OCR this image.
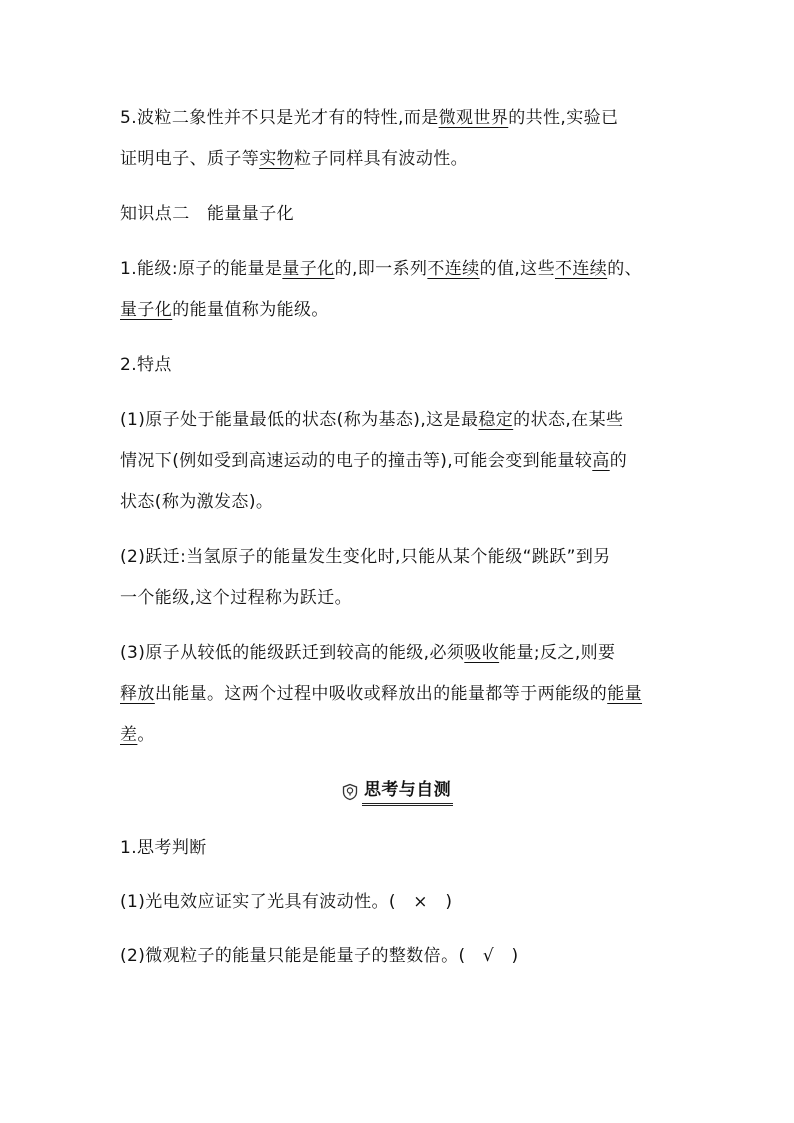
5.波粒二象性并不只是光才有的特性,而是微观世界的共性,实验已
证明电子、质子等实物粒子同样具有波动性。
知识点二　能量量子化
1.能级:原子的能量是量子化的,即一系列不连续的值,这些不连续的、
量子化的能量值称为能级。
2.特点
(1)原子处于能量最低的状态(称为基态),这是最稳定的状态,在某些
情况下(例如受到高速运动的电子的撞击等),可能会变到能量较高的
状态(称为激发态)。
(2)跃迁:当氢原子的能量发生变化时,只能从某个能级“跳跃”到另
一个能级,这个过程称为跃迁。
(3)原子从较低的能级跃迁到较高的能级,必须吸收能量;反之,则要
释放出能量。这两个过程中吸收或释放出的能量都等于两能级的能量
差。
思考与自测
1.思考判断
(1)光电效应证实了光具有波动性。(　×　)
(2)微观粒子的能量只能是能量子的整数倍。(　√　)
